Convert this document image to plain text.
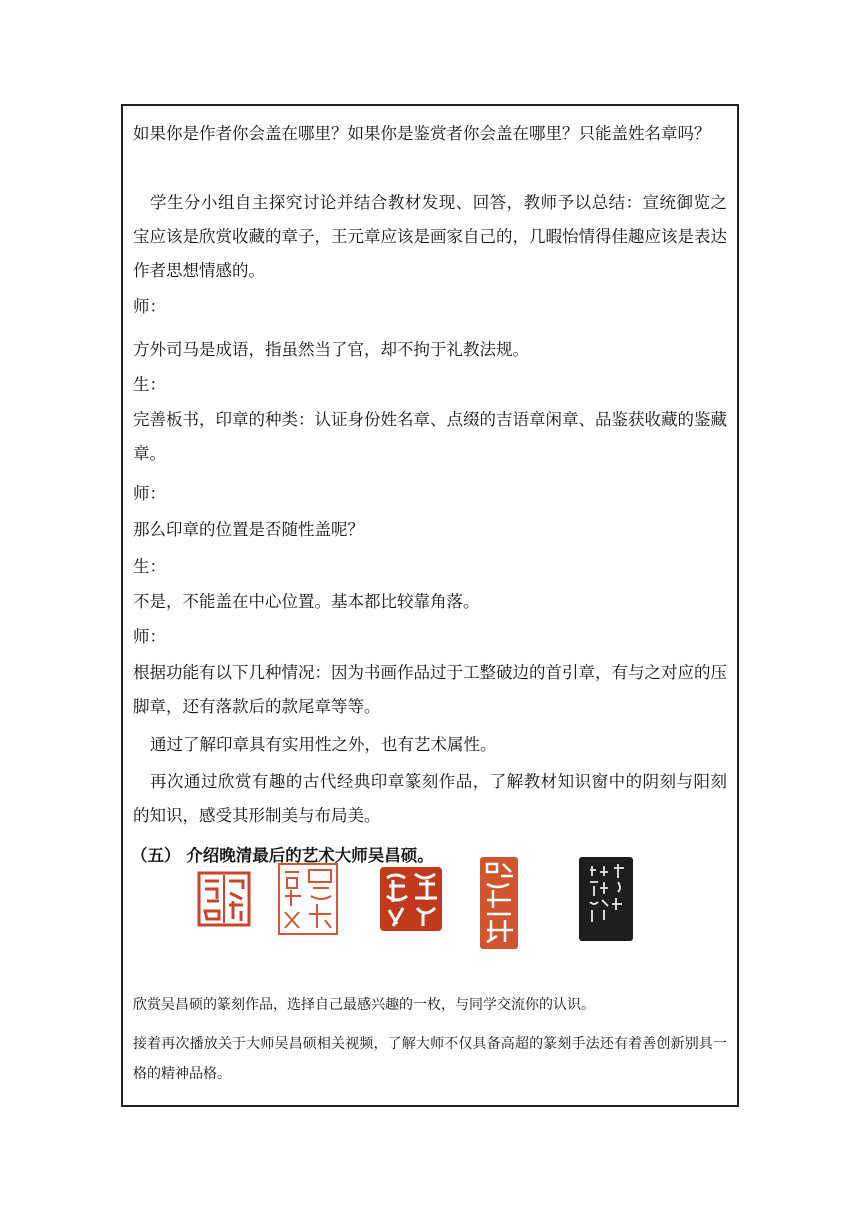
如果你是作者你会盖在哪里？如果你是鉴赏者你会盖在哪里？只能盖姓名章吗？

学生分小组自主探究讨论并结合教材发现、回答，教师予以总结：宣统御览之宝应该是欣赏收藏的章子，王元章应该是画家自己的，几暇怡情得佳趣应该是表达作者思想情感的。

师：

方外司马是成语，指虽然当了官，却不拘于礼教法规。

生：

完善板书，印章的种类：认证身份姓名章、点缀的吉语章闲章、品鉴获收藏的鉴藏章。

师：

那么印章的位置是否随性盖呢？

生：

不是，不能盖在中心位置。基本都比较靠角落。

师：

根据功能有以下几种情况：因为书画作品过于工整破边的首引章，有与之对应的压脚章，还有落款后的款尾章等等。

通过了解印章具有实用性之外，也有艺术属性。

再次通过欣赏有趣的古代经典印章篆刻作品，了解教材知识窗中的阴刻与阳刻的知识，感受其形制美与布局美。

（五） 介绍晚清最后的艺术大师吴昌硕。

欣赏吴昌硕的篆刻作品，选择自己最感兴趣的一枚，与同学交流你的认识。

接着再次播放关于大师吴昌硕相关视频，了解大师不仅具备高超的篆刻手法还有着善创新别具一格的精神品格。
